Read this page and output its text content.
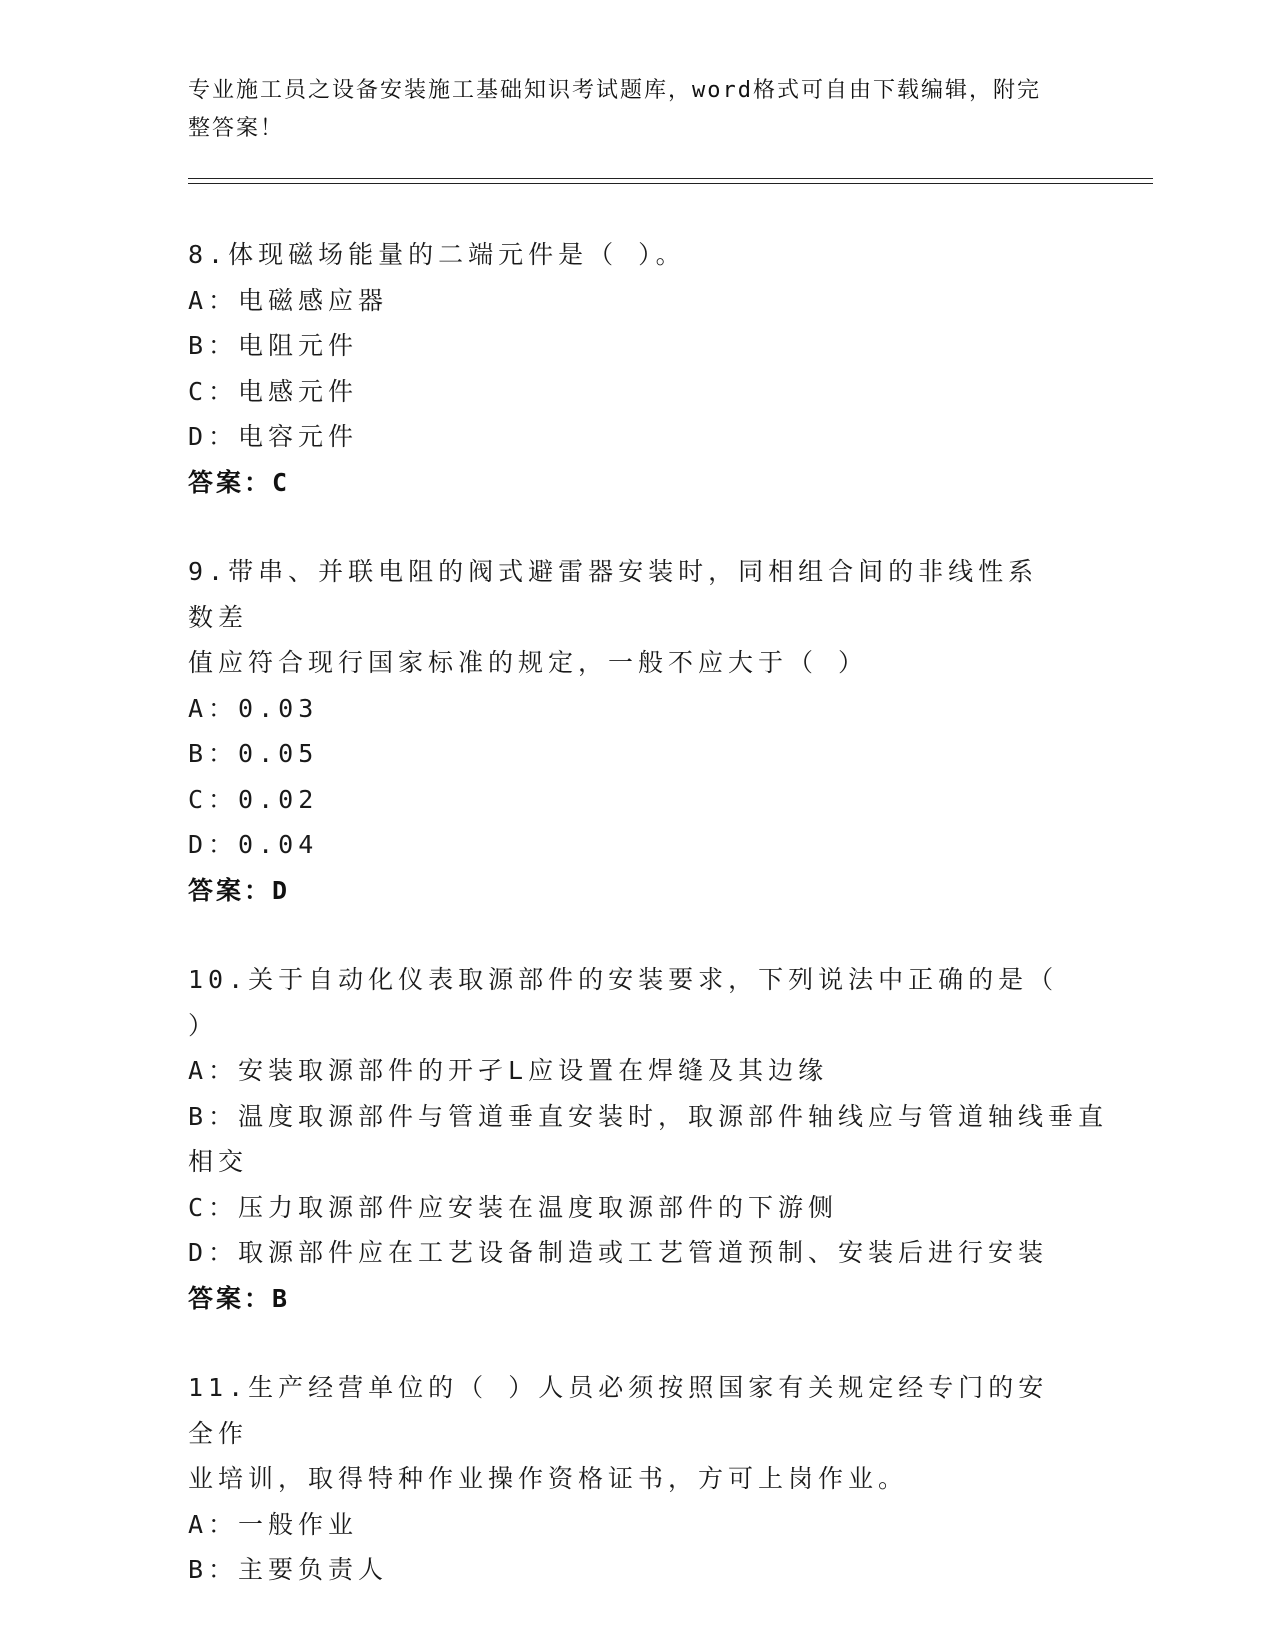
专业施工员之设备安装施工基础知识考试题库，word格式可自由下载编辑，附完
整答案！
8.体现磁场能量的二端元件是（ ）。
A：电磁感应器
B：电阻元件
C：电感元件
D：电容元件
答案：C
9.带串、并联电阻的阀式避雷器安装时，同相组合间的非线性系数差
值应符合现行国家标准的规定，一般不应大于（ ）
A：0.03
B：0.05
C：0.02
D：0.04
答案：D
10.关于自动化仪表取源部件的安装要求，下列说法中正确的是（ ）
A：安装取源部件的开孑L应设置在焊缝及其边缘
B：温度取源部件与管道垂直安装时，取源部件轴线应与管道轴线垂直
相交
C：压力取源部件应安装在温度取源部件的下游侧
D：取源部件应在工艺设备制造或工艺管道预制、安装后进行安装
答案：B
11.生产经营单位的（ ）人员必须按照国家有关规定经专门的安全作
业培训，取得特种作业操作资格证书，方可上岗作业。
A：一般作业
B：主要负责人
